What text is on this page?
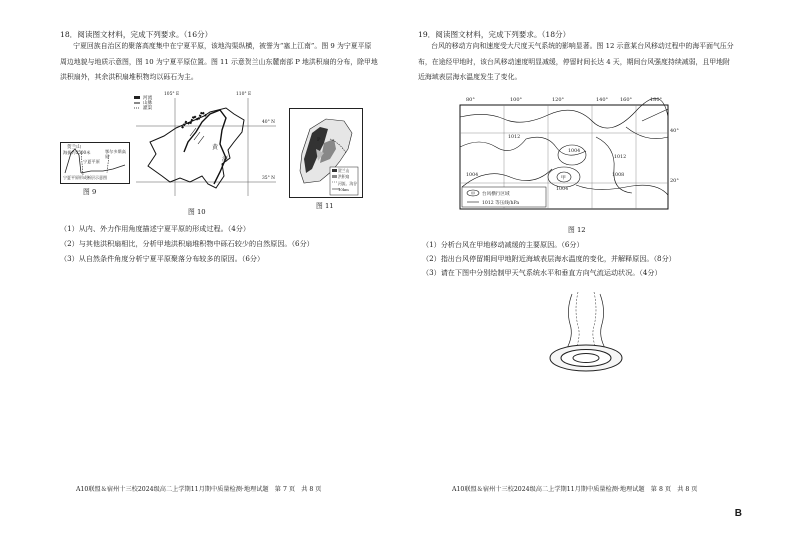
18．阅读图文材料，完成下列要求。（16分）
宁夏回族自治区的聚落高度集中在宁夏平原，该地沟渠纵横，被誉为“塞上江南”。图 9 为宁夏平原周边地貌与地质示意图，图 10 为宁夏平原位置。图 11 示意贺兰山东麓南部 P 地洪积扇的分布，除甲地洪积扇外，其余洪积扇堆积物均以砾石为主。
贺兰山
海拔约3500米
宁夏平原
鄂尔多斯高原
宁夏平原形成断层示意图
图 9
河流
山脉
灌渠
105° E	110° E
40° N
35° N
黄
河
图 10
P
贺兰山
洪积扇
河流、沟谷
10km
图 11
（1）从内、外力作用角度描述宁夏平原的形成过程。（4分）
（2）与其他洪积扇相比，分析甲地洪积扇堆积物中砾石较少的自然原因。（6分）
（3）从自然条件角度分析宁夏平原聚落分布较多的原因。（6分）
A10联盟＆宿州十三校2024级高二上学期11月期中质量检测·地理试题　第 7 页　共 8 页
19．阅读图文材料，完成下列要求。（18分）
台风的移动方向和速度受大尺度天气系统的影响显著。图 12 示意某台风移动过程中的海平面气压分布，在途经甲地时，该台风移动速度明显减缓，停留时间长达 4 天，期间台风强度持续减弱，且甲地附近海域表层海水温度发生了变化。
80°	100°	120°	140° 160°	180°
40°
20°
1012
1004
1004
1012
1004	1008
甲
甲 台风横行区域
1012 等压线/hPa
图 12
（1）分析台风在甲地移动减缓的主要原因。（6分）
（2）指出台风停留期间甲地附近海域表层海水温度的变化，并解释原因。（8分）
（3）请在下图中分别绘制甲天气系统水平和垂直方向气流运动状况。（4分）
A10联盟＆宿州十三校2024级高二上学期11月期中质量检测·地理试题　第 8 页　共 8 页
B
